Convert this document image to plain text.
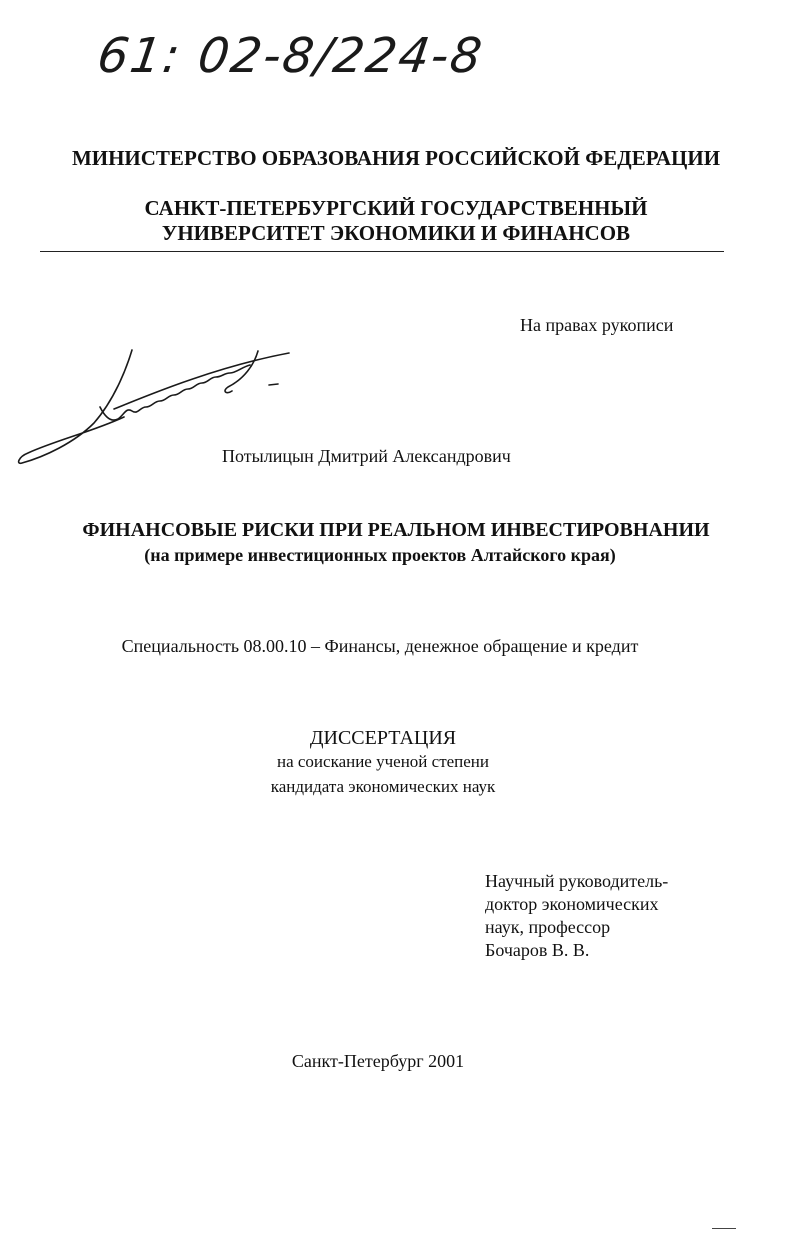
61: 02-8/224-8
МИНИСТЕРСТВО ОБРАЗОВАНИЯ РОССИЙСКОЙ ФЕДЕРАЦИИ
САНКТ-ПЕТЕРБУРГСКИЙ ГОСУДАРСТВЕННЫЙ
УНИВЕРСИТЕТ ЭКОНОМИКИ И ФИНАНСОВ
На правах рукописи
Потылицын Дмитрий Александрович
ФИНАНСОВЫЕ РИСКИ ПРИ РЕАЛЬНОМ ИНВЕСТИРОВНАНИИ
(на примере инвестиционных проектов Алтайского края)
Специальность 08.00.10 – Финансы, денежное обращение и кредит
ДИССЕРТАЦИЯ
на соискание ученой степени
кандидата экономических наук
Научный руководитель-
доктор экономических
наук, профессор
Бочаров В. В.
Санкт-Петербург 2001
